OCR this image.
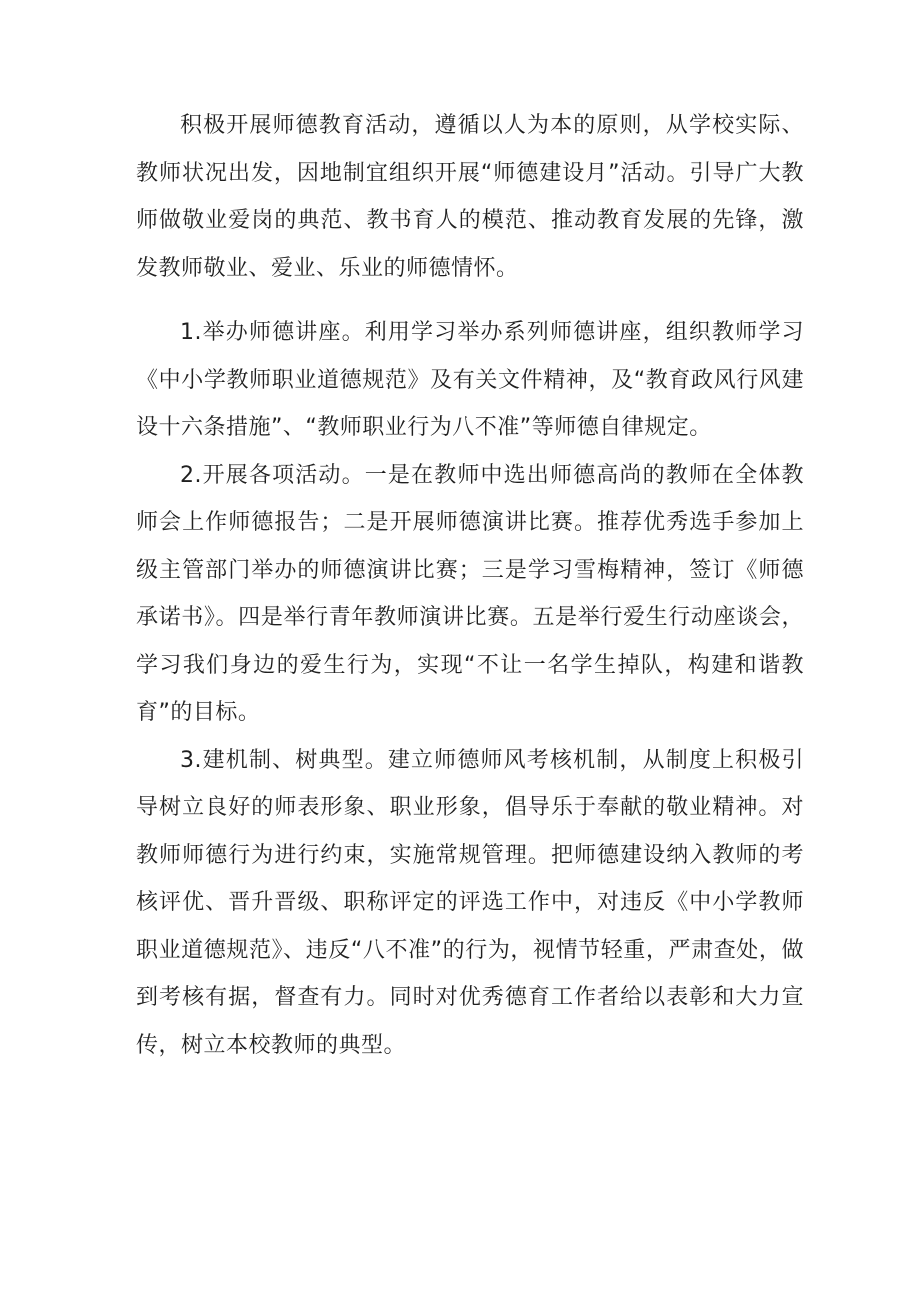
积极开展师德教育活动，遵循以人为本的原则，从学校实际、教师状况出发，因地制宜组织开展“师德建设月”活动。引导广大教师做敬业爱岗的典范、教书育人的模范、推动教育发展的先锋，激发教师敬业、爱业、乐业的师德情怀。

1.举办师德讲座。利用学习举办系列师德讲座，组织教师学习《中小学教师职业道德规范》及有关文件精神，及“教育政风行风建设十六条措施”、“教师职业行为八不准”等师德自律规定。

2.开展各项活动。一是在教师中选出师德高尚的教师在全体教师会上作师德报告；二是开展师德演讲比赛。推荐优秀选手参加上级主管部门举办的师德演讲比赛；三是学习雪梅精神，签订《师德承诺书》。四是举行青年教师演讲比赛。五是举行爱生行动座谈会，学习我们身边的爱生行为，实现“不让一名学生掉队，构建和谐教育”的目标。

3.建机制、树典型。建立师德师风考核机制，从制度上积极引导树立良好的师表形象、职业形象，倡导乐于奉献的敬业精神。对教师师德行为进行约束，实施常规管理。把师德建设纳入教师的考核评优、晋升晋级、职称评定的评选工作中，对违反《中小学教师职业道德规范》、违反“八不准”的行为，视情节轻重，严肃查处，做到考核有据，督查有力。同时对优秀德育工作者给以表彰和大力宣传，树立本校教师的典型。
